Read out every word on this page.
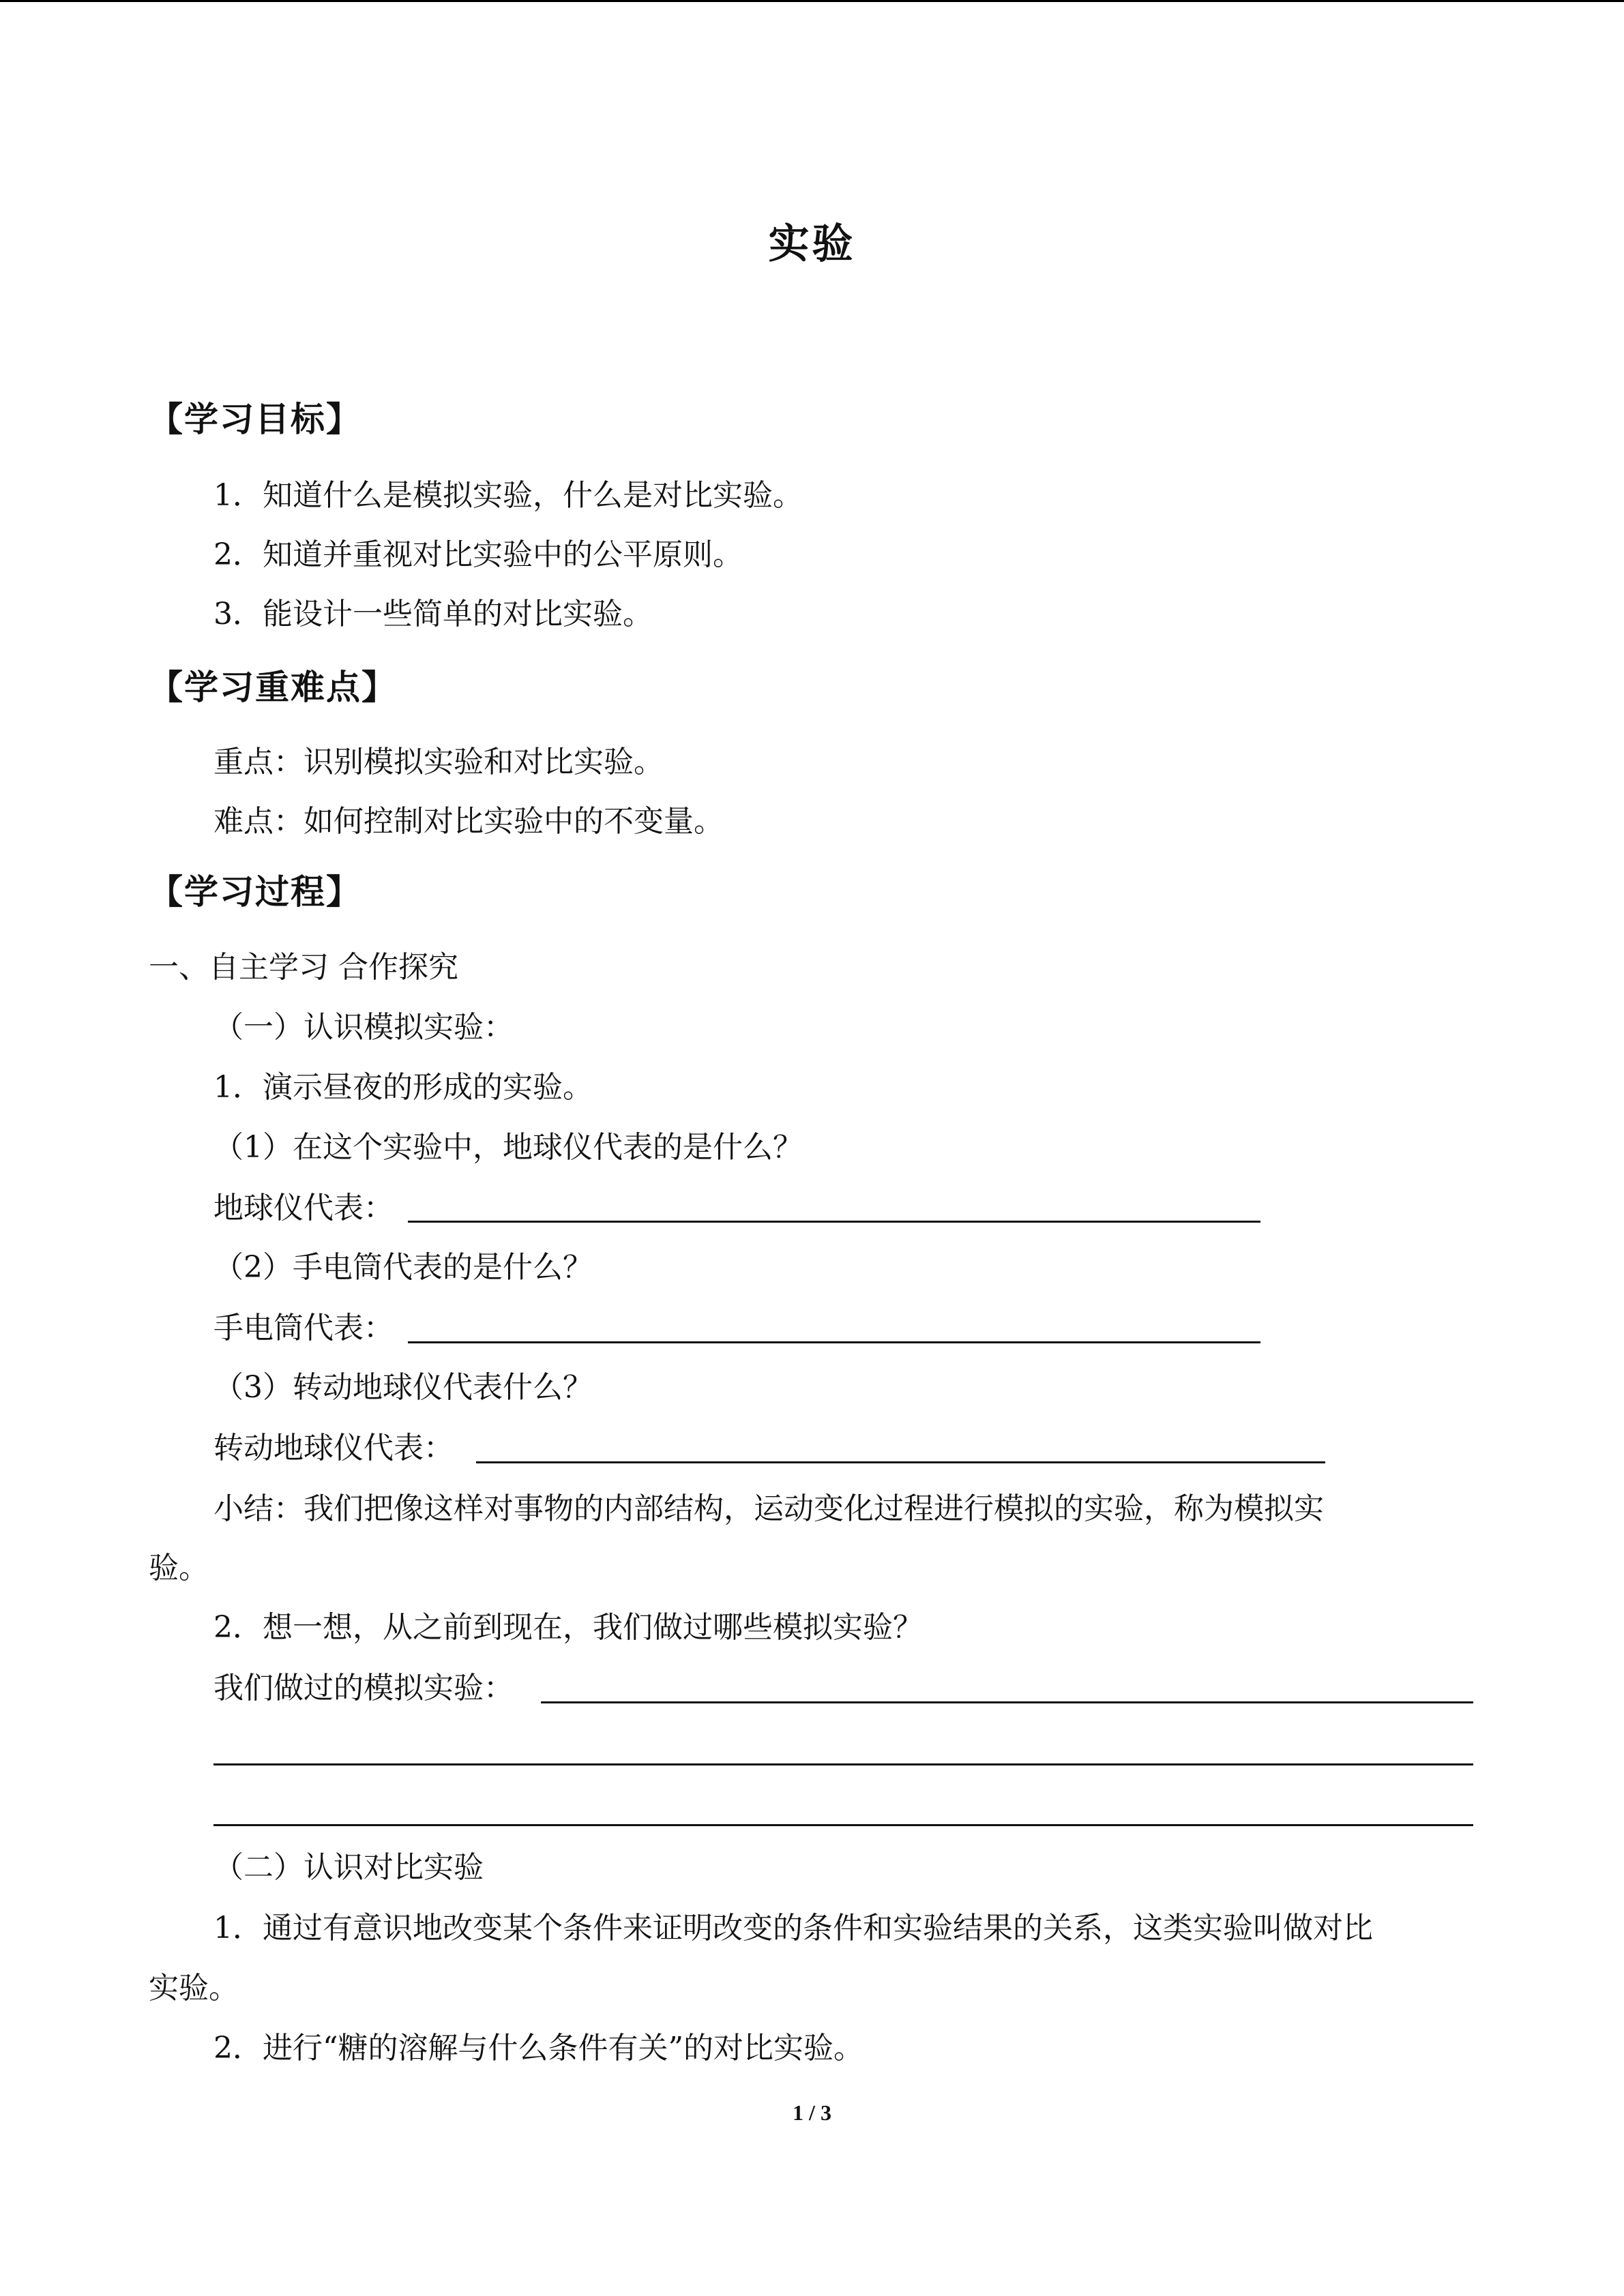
实验
【学习目标】
1．知道什么是模拟实验，什么是对比实验。
2．知道并重视对比实验中的公平原则。
3．能设计一些简单的对比实验。
【学习重难点】
重点：识别模拟实验和对比实验。
难点：如何控制对比实验中的不变量。
【学习过程】
一、自主学习 合作探究
（一）认识模拟实验：
1．演示昼夜的形成的实验。
（1）在这个实验中，地球仪代表的是什么？
地球仪代表：
（2）手电筒代表的是什么？
手电筒代表：
（3）转动地球仪代表什么？
转动地球仪代表：
小结：我们把像这样对事物的内部结构，运动变化过程进行模拟的实验，称为模拟实
验。
2．想一想，从之前到现在，我们做过哪些模拟实验？
我们做过的模拟实验：
（二）认识对比实验
1．通过有意识地改变某个条件来证明改变的条件和实验结果的关系，这类实验叫做对比
实验。
2．进行“糖的溶解与什么条件有关”的对比实验。
1 / 3
